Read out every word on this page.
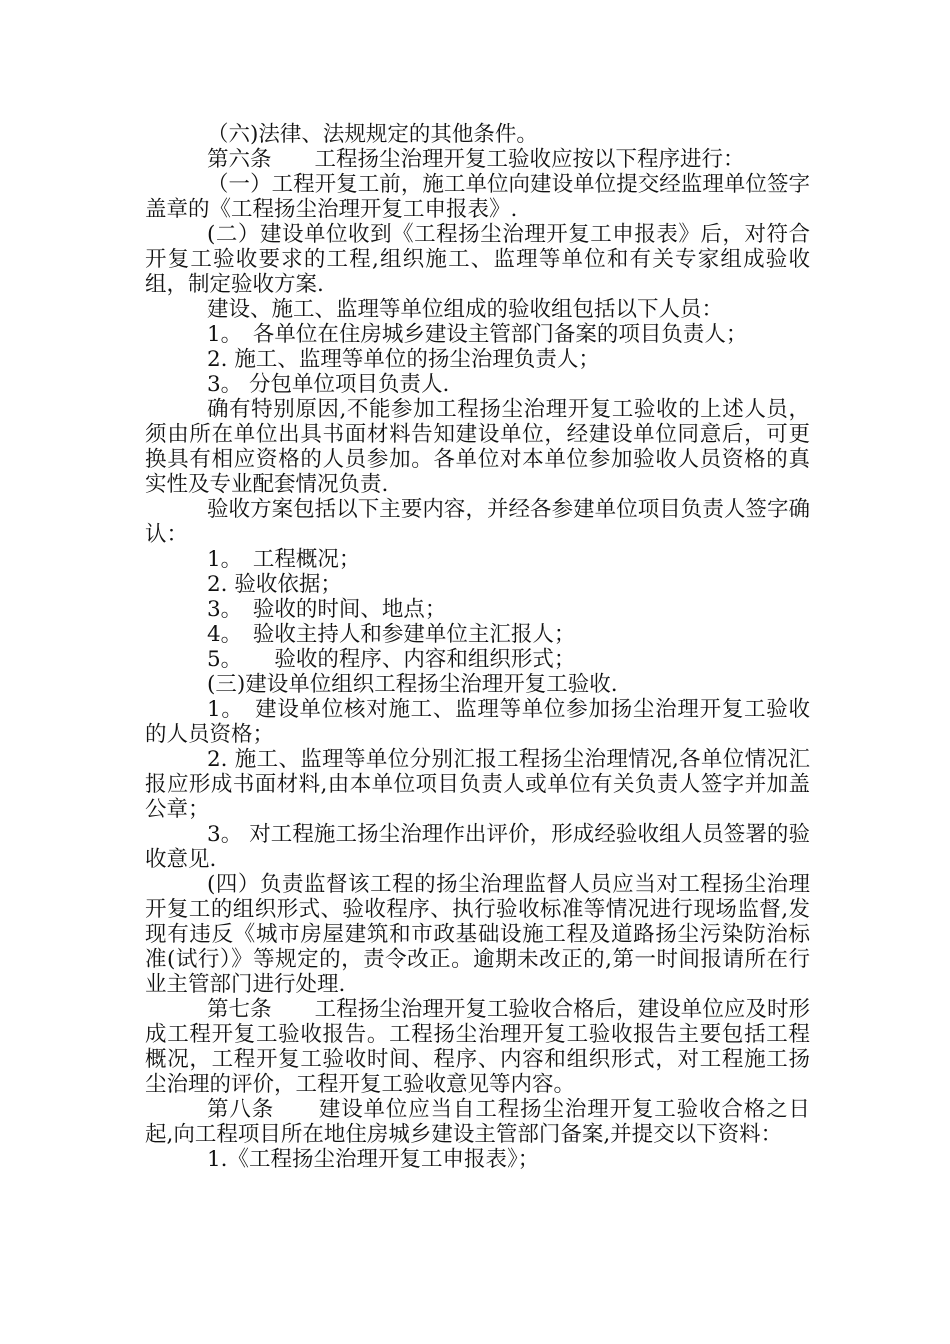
（六)法律、法规规定的其他条件。

第六条　　工程扬尘治理开复工验收应按以下程序进行：

（一）工程开复工前，施工单位向建设单位提交经监理单位签字盖章的《工程扬尘治理开复工申报表》.

(二）建设单位收到《工程扬尘治理开复工申报表》后，对符合开复工验收要求的工程,组织施工、监理等单位和有关专家组成验收组，制定验收方案.

建设、施工、监理等单位组成的验收组包括以下人员：

1。　各单位在住房城乡建设主管部门备案的项目负责人；

2. 施工、监理等单位的扬尘治理负责人；

3。 分包单位项目负责人.

确有特别原因,不能参加工程扬尘治理开复工验收的上述人员，须由所在单位出具书面材料告知建设单位，经建设单位同意后，可更换具有相应资格的人员参加。各单位对本单位参加验收人员资格的真实性及专业配套情况负责.

验收方案包括以下主要内容，并经各参建单位项目负责人签字确认：

1。　工程概况；

2. 验收依据；

3。　验收的时间、地点；

4。　验收主持人和参建单位主汇报人；

5。　　验收的程序、内容和组织形式；

(三)建设单位组织工程扬尘治理开复工验收.

1。　建设单位核对施工、监理等单位参加扬尘治理开复工验收的人员资格；

2. 施工、监理等单位分别汇报工程扬尘治理情况,各单位情况汇报应形成书面材料,由本单位项目负责人或单位有关负责人签字并加盖公章；

3。 对工程施工扬尘治理作出评价，形成经验收组人员签署的验收意见.

(四）负责监督该工程的扬尘治理监督人员应当对工程扬尘治理开复工的组织形式、验收程序、执行验收标准等情况进行现场监督,发现有违反《城市房屋建筑和市政基础设施工程及道路扬尘污染防治标准(试行）》等规定的，责令改正。逾期未改正的,第一时间报请所在行业主管部门进行处理.

第七条　　工程扬尘治理开复工验收合格后，建设单位应及时形成工程开复工验收报告。工程扬尘治理开复工验收报告主要包括工程概况，工程开复工验收时间、程序、内容和组织形式，对工程施工扬尘治理的评价，工程开复工验收意见等内容。

第八条　　建设单位应当自工程扬尘治理开复工验收合格之日起,向工程项目所在地住房城乡建设主管部门备案,并提交以下资料：

1.《工程扬尘治理开复工申报表》；
